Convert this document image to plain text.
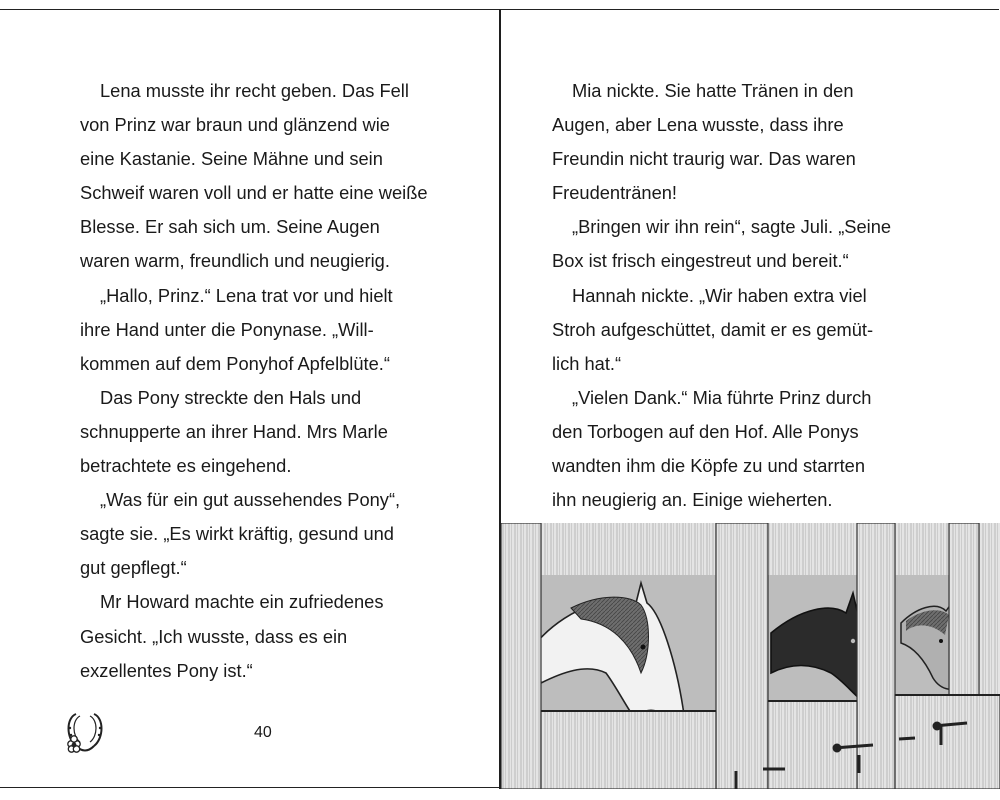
Lena musste ihr recht geben. Das Fell
von Prinz war braun und glänzend wie
eine Kastanie. Seine Mähne und sein
Schweif waren voll und er hatte eine weiße
Blesse. Er sah sich um. Seine Augen
waren warm, freundlich und neugierig.
„Hallo, Prinz.“ Lena trat vor und hielt
ihre Hand unter die Ponynase. „Will-
kommen auf dem Ponyhof Apfelblüte.“
Das Pony streckte den Hals und
schnupperte an ihrer Hand. Mrs Marle
betrachtete es eingehend.
„Was für ein gut aussehendes Pony“,
sagte sie. „Es wirkt kräftig, gesund und
gut gepflegt.“
Mr Howard machte ein zufriedenes
Gesicht. „Ich wusste, dass es ein
exzellentes Pony ist.“
40
Mia nickte. Sie hatte Tränen in den
Augen, aber Lena wusste, dass ihre
Freundin nicht traurig war. Das waren
Freudentränen!
„Bringen wir ihn rein“, sagte Juli. „Seine
Box ist frisch eingestreut und bereit.“
Hannah nickte. „Wir haben extra viel
Stroh aufgeschüttet, damit er es gemüt-
lich hat.“
„Vielen Dank.“ Mia führte Prinz durch
den Torbogen auf den Hof. Alle Ponys
wandten ihm die Köpfe zu und starrten
ihn neugierig an. Einige wieherten.
